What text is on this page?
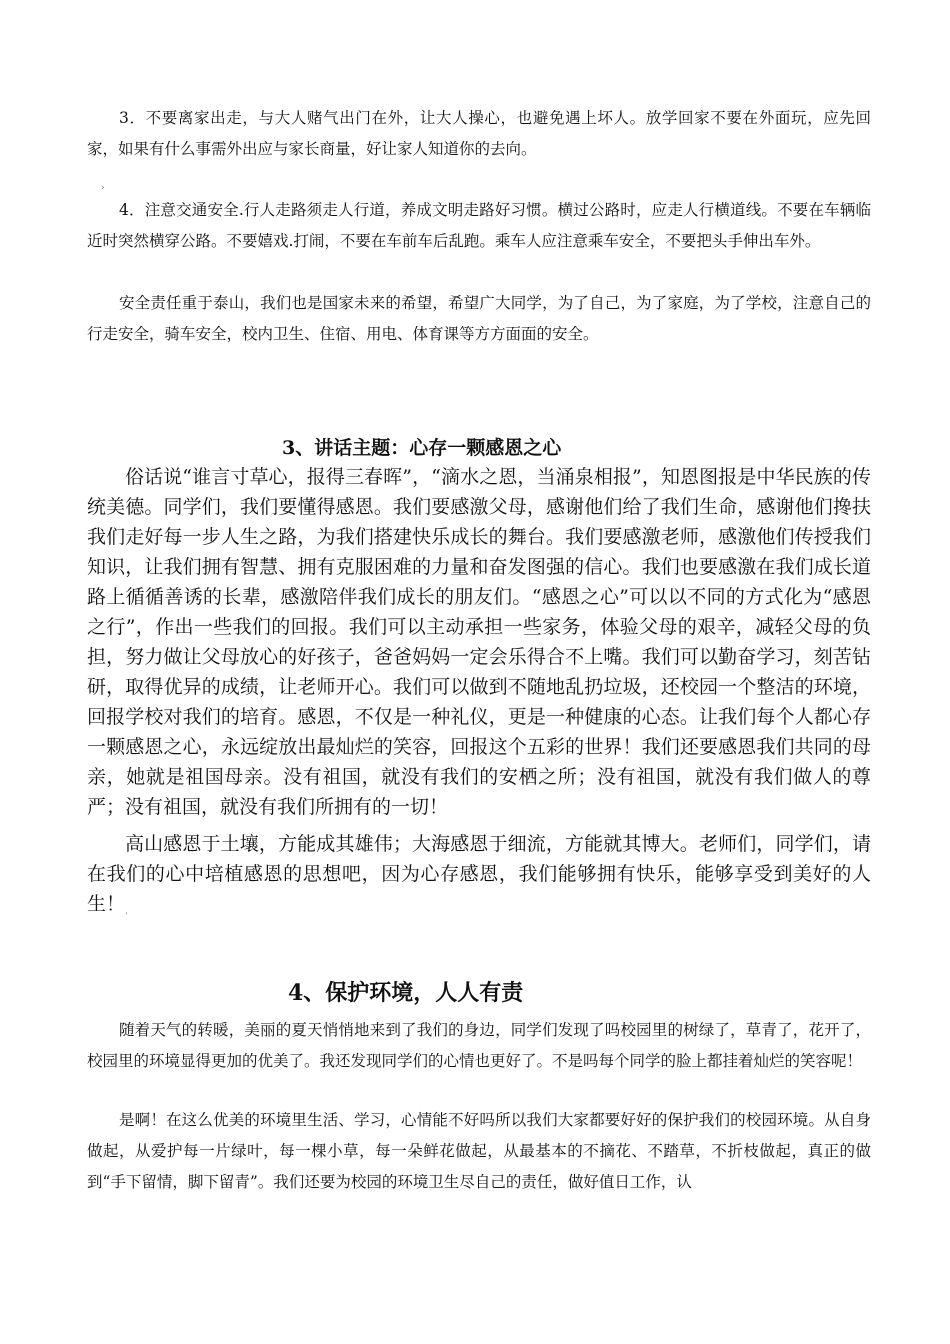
3．不要离家出走，与大人赌气出门在外，让大人操心，也避免遇上坏人。放学回家不要在外面玩，应先回家，如果有什么事需外出应与家长商量，好让家人知道你的去向。

›

4．注意交通安全.行人走路须走人行道，养成文明走路好习惯。横过公路时，应走人行横道线。不要在车辆临近时突然横穿公路。不要嬉戏.打闹，不要在车前车后乱跑。乘车人应注意乘车安全，不要把头手伸出车外。

安全责任重于泰山，我们也是国家未来的希望，希望广大同学，为了自己，为了家庭，为了学校，注意自己的行走安全，骑车安全，校内卫生、住宿、用电、体育课等方方面面的安全。

3、讲话主题：心存一颗感恩之心

俗话说“谁言寸草心，报得三春晖”，“滴水之恩，当涌泉相报”，知恩图报是中华民族的传统美德。同学们，我们要懂得感恩。我们要感激父母，感谢他们给了我们生命，感谢他们搀扶我们走好每一步人生之路，为我们搭建快乐成长的舞台。我们要感激老师，感激他们传授我们知识，让我们拥有智慧、拥有克服困难的力量和奋发图强的信心。我们也要感激在我们成长道路上循循善诱的长辈，感激陪伴我们成长的朋友们。“感恩之心”可以以不同的方式化为“感恩之行”，作出一些我们的回报。我们可以主动承担一些家务，体验父母的艰辛，减轻父母的负担，努力做让父母放心的好孩子，爸爸妈妈一定会乐得合不上嘴。我们可以勤奋学习，刻苦钻研，取得优异的成绩，让老师开心。我们可以做到不随地乱扔垃圾，还校园一个整洁的环境，回报学校对我们的培育。感恩，不仅是一种礼仪，更是一种健康的心态。让我们每个人都心存一颗感恩之心，永远绽放出最灿烂的笑容，回报这个五彩的世界！我们还要感恩我们共同的母亲，她就是祖国母亲。没有祖国，就没有我们的安栖之所；没有祖国，就没有我们做人的尊严；没有祖国，就没有我们所拥有的一切！

高山感恩于土壤，方能成其雄伟；大海感恩于细流，方能就其博大。老师们，同学们，请在我们的心中培植感恩的思想吧，因为心存感恩，我们能够拥有快乐，能够享受到美好的人生！

ˈ
4、保护环境，人人有责

随着天气的转暖，美丽的夏天悄悄地来到了我们的身边，同学们发现了吗校园里的树绿了，草青了，花开了，校园里的环境显得更加的优美了。我还发现同学们的心情也更好了。不是吗每个同学的脸上都挂着灿烂的笑容呢！

是啊！在这么优美的环境里生活、学习，心情能不好吗所以我们大家都要好好的保护我们的校园环境。从自身做起，从爱护每一片绿叶，每一棵小草，每一朵鲜花做起，从最基本的不摘花、不踏草，不折枝做起，真正的做到“手下留情，脚下留青”。我们还要为校园的环境卫生尽自己的责任，做好值日工作，认
